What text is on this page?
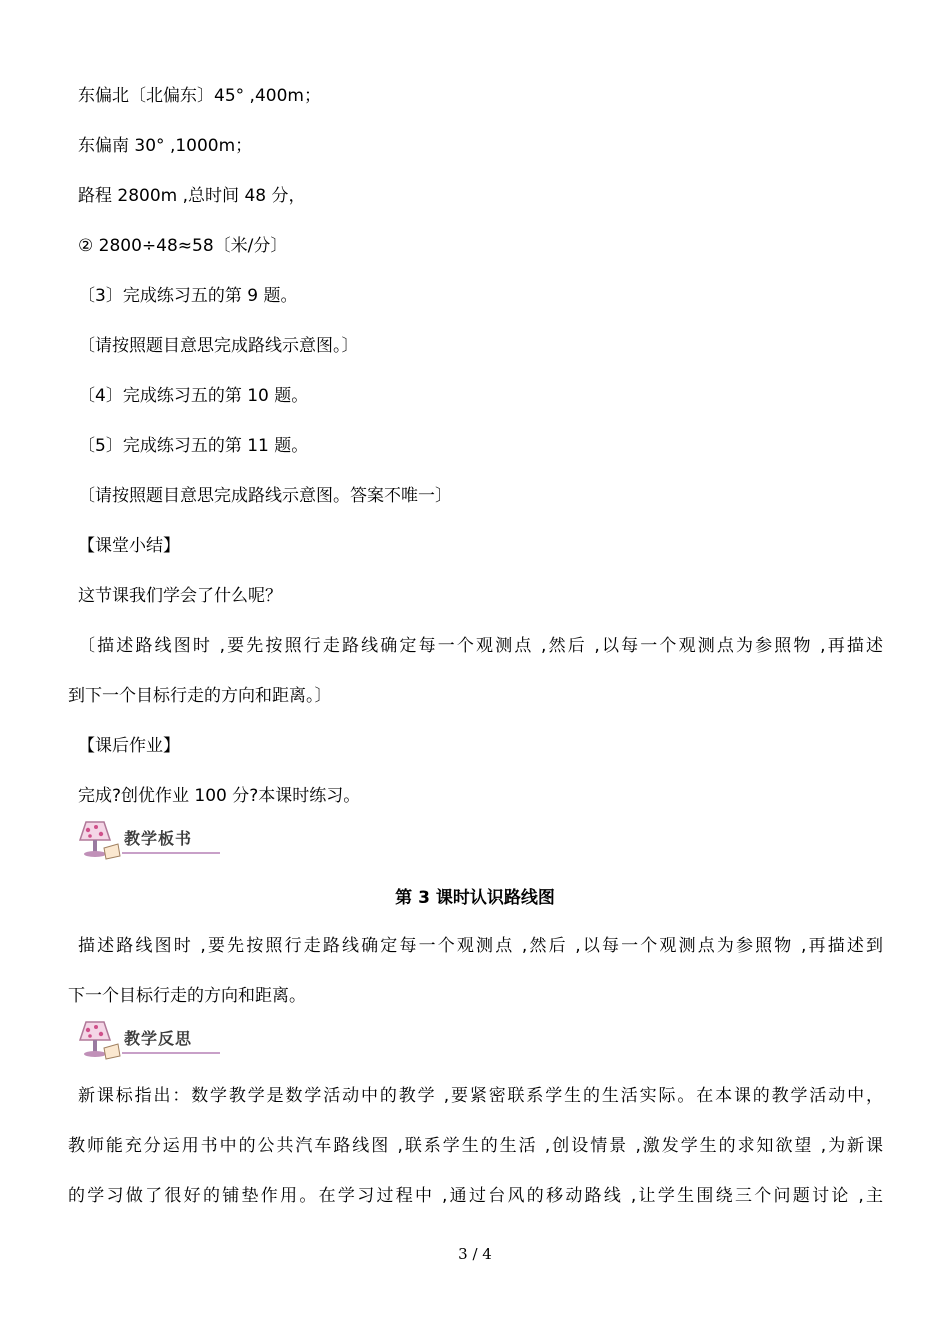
东偏北〔北偏东〕45° ,400m；
东偏南 30° ,1000m；
路程 2800m ,总时间 48 分，
② 2800÷48≈58〔米/分〕
〔3〕完成练习五的第 9 题。
〔请按照题目意思完成路线示意图。〕
〔4〕完成练习五的第 10 题。
〔5〕完成练习五的第 11 题。
〔请按照题目意思完成路线示意图。答案不唯一〕
【课堂小结】
这节课我们学会了什么呢？
〔描述路线图时 ,要先按照行走路线确定每一个观测点 ,然后 ,以每一个观测点为参照物 ,再描述
到下一个目标行走的方向和距离。〕
【课后作业】
完成?创优作业 100 分?本课时练习。
教学板书
第 3 课时认识路线图
描述路线图时 ,要先按照行走路线确定每一个观测点 ,然后 ,以每一个观测点为参照物 ,再描述到
下一个目标行走的方向和距离。
教学反思
新课标指出：数学教学是数学活动中的教学 ,要紧密联系学生的生活实际。在本课的教学活动中，
教师能充分运用书中的公共汽车路线图 ,联系学生的生活 ,创设情景 ,激发学生的求知欲望 ,为新课
的学习做了很好的铺垫作用。在学习过程中 ,通过台风的移动路线 ,让学生围绕三个问题讨论 ,主
3 / 4
